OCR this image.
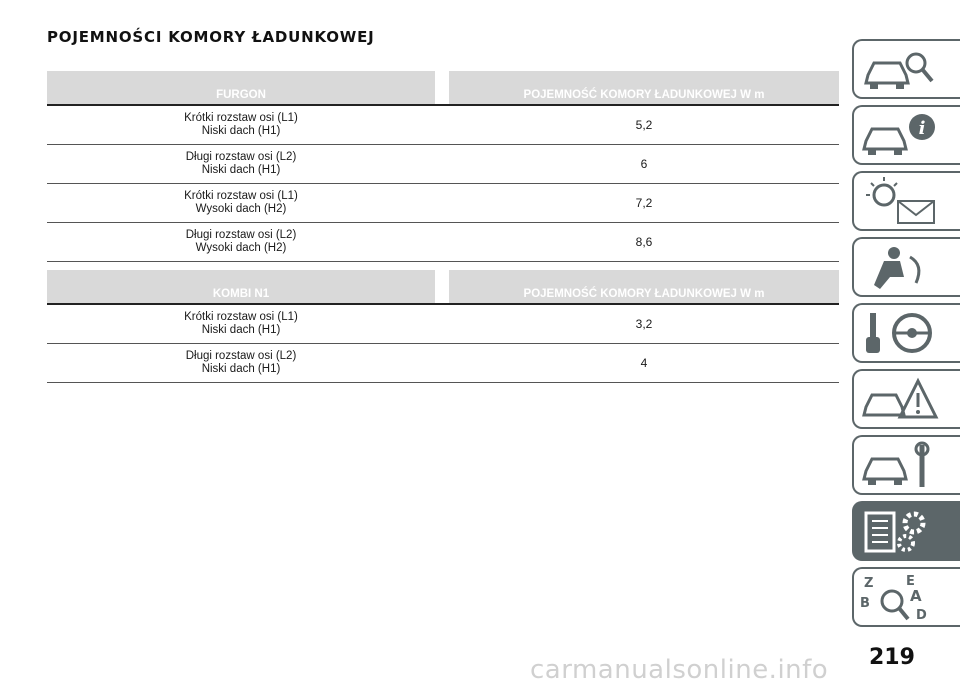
POJEMNOŚCI KOMORY ŁADUNKOWEJ
FURGON		POJEMNOŚĆ KOMORY ŁADUNKOWEJ W m

Krótki rozstaw osi (L1)
Niski dach (H1)		5,2

Długi rozstaw osi (L2)
Niski dach (H1)		6

Krótki rozstaw osi (L1)
Wysoki dach (H2)		7,2

Długi rozstaw osi (L2)
Wysoki dach (H2)		8,6
KOMBI N1		POJEMNOŚĆ KOMORY ŁADUNKOWEJ W m

Krótki rozstaw osi (L1)
Niski dach (H1)		3,2

Długi rozstaw osi (L2)
Niski dach (H1)		4
i
Z	E
B	A
D
219
carmanualsonline.info
